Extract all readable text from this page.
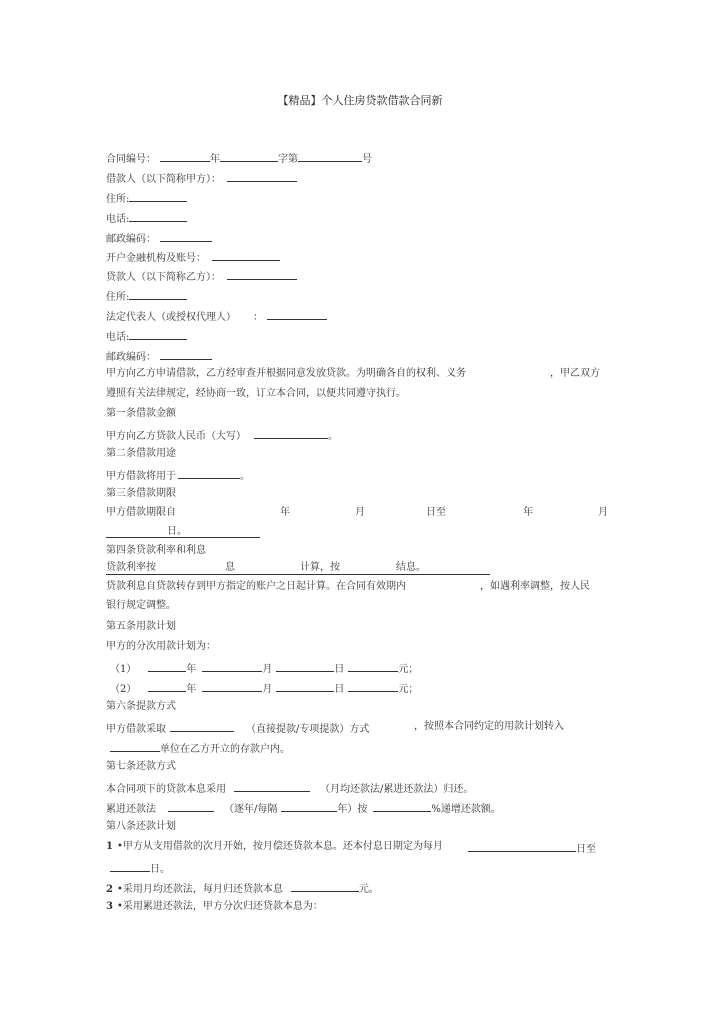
【精品】个人住房贷款借款合同新
合同编号：	年	字第	号
借款人（以下简称甲方）：
住所:
电话:
邮政编码：
开户金融机构及账号：
贷款人（以下简称乙方）：
住所:
法定代表人（或授权代理人） ：
电话:
邮政编码：
甲方向乙方申请借款，乙方经审查并根据同意发放贷款。为明确各自的权利、义务	，甲乙双方
遵照有关法律规定，经协商一致，订立本合同，以便共同遵守执行。
第一条借款金额
甲方向乙方贷款人民币（大写）	。
第二条借款用途
甲方借款将用于	。
第三条借款期限
甲方借款期限自	年	月	日至	年	月
日。
第四条贷款利率和利息
贷款利率按	息	计算，按	结息。
贷款利息自贷款转存到甲方指定的账户之日起计算。在合同有效期内	，如遇利率调整，按人民
银行规定调整。
第五条用款计划
甲方的分次用款计划为：
（1）	年	月	日	元；
（2）	年	月	日	元；
第六条提款方式
甲方借款采取	（直接提款/专项提款）方式	，按照本合同约定的用款计划转入
单位在乙方开立的存款户内。
第七条还款方式
本合同项下的贷款本息采用	（月均还款法/累进还款法）归还。
累进还款法	（逐年/每隔	年）按	%递增还款额。
第八条还款计划
1 •甲方从支用借款的次月开始，按月偿还贷款本息。还本付息日期定为每月	日至
日。
2 •采用月均还款法，每月归还贷款本息	元。
3 •采用累进还款法，甲方分次归还贷款本息为：
